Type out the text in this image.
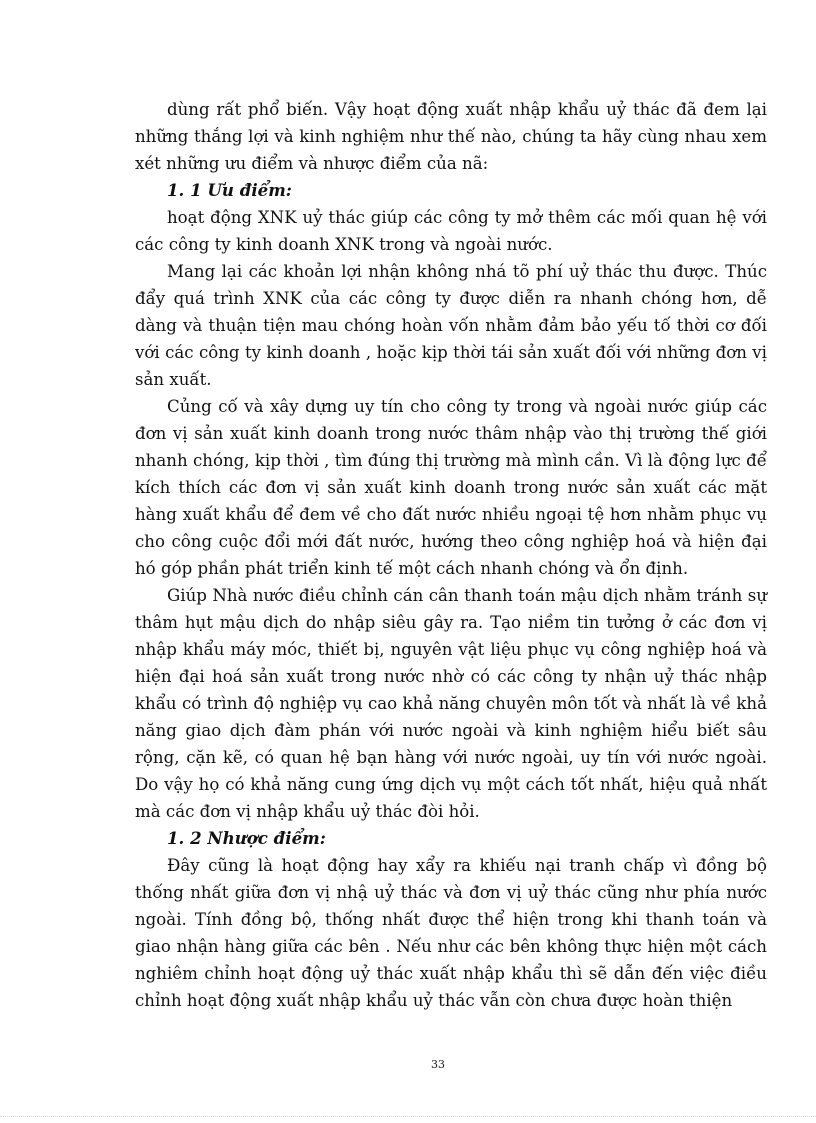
dùng rất phổ biến. Vậy hoạt động xuất nhập khẩu uỷ thác đã đem lại những thắng lợi và kinh nghiệm như thế nào, chúng ta hãy cùng nhau xem xét những ưu điểm và nhược điểm của nã:

1. 1 Ưu điểm:

hoạt động XNK uỷ thác giúp các công ty mở thêm các mối quan hệ với các công ty kinh doanh XNK trong và ngoài nước.

Mang lại các khoản lợi nhận không nhá tõ phí uỷ thác thu được. Thúc đẩy quá trình XNK của các công ty được diễn ra nhanh chóng hơn, dễ dàng và thuận tiện mau chóng hoàn vốn nhằm đảm bảo yếu tố thời cơ đối với các công ty kinh doanh , hoặc kịp thời tái sản xuất đối với những đơn vị sản xuất.

Củng cố và xây dựng uy tín cho công ty trong và ngoài nước giúp các đơn vị sản xuất kinh doanh trong nước thâm nhập vào thị trường thế giới nhanh chóng, kịp thời , tìm đúng thị trường mà mình cần. Vì là động lực để kích thích các đơn vị sản xuất kinh doanh trong nước sản xuất các mặt hàng xuất khẩu để đem về cho đất nước nhiều ngoại tệ hơn nhằm phục vụ cho công cuộc đổi mới đất nước, hướng theo công nghiệp hoá và hiện đại hó góp phần phát triển kinh tế một cách nhanh chóng và ổn định.

Giúp Nhà nước điều chỉnh cán cân thanh toán mậu dịch nhằm tránh sự thâm hụt mậu dịch do nhập siêu gây ra. Tạo niềm tin tưởng ở các đơn vị nhập khẩu máy móc, thiết bị, nguyên vật liệu phục vụ công nghiệp hoá và hiện đại hoá sản xuất trong nước nhờ có các công ty nhận uỷ thác nhập khẩu có trình độ nghiệp vụ cao khả năng chuyên môn tốt và nhất là về khả năng giao dịch đàm phán với nước ngoài và kinh nghiệm hiểu biết sâu rộng, cặn kẽ, có quan hệ bạn hàng với nước ngoài, uy tín với nước ngoài. Do vậy họ có khả năng cung ứng dịch vụ một cách tốt nhất, hiệu quả nhất mà các đơn vị nhập khẩu uỷ thác đòi hỏi.

1. 2 Nhược điểm:

Đây cũng là hoạt động hay xẩy ra khiếu nại tranh chấp vì đồng bộ thống nhất giữa đơn vị nhậ uỷ thác và đơn vị uỷ thác cũng như phía nước ngoài. Tính đồng bộ, thống nhất được thể hiện trong khi thanh toán và giao nhận hàng giữa các bên . Nếu như các bên không thực hiện một cách nghiêm chỉnh hoạt động uỷ thác xuất nhập khẩu thì sẽ dẫn đến việc điều chỉnh hoạt động xuất nhập khẩu uỷ thác vẫn còn chưa được hoàn thiện

33
